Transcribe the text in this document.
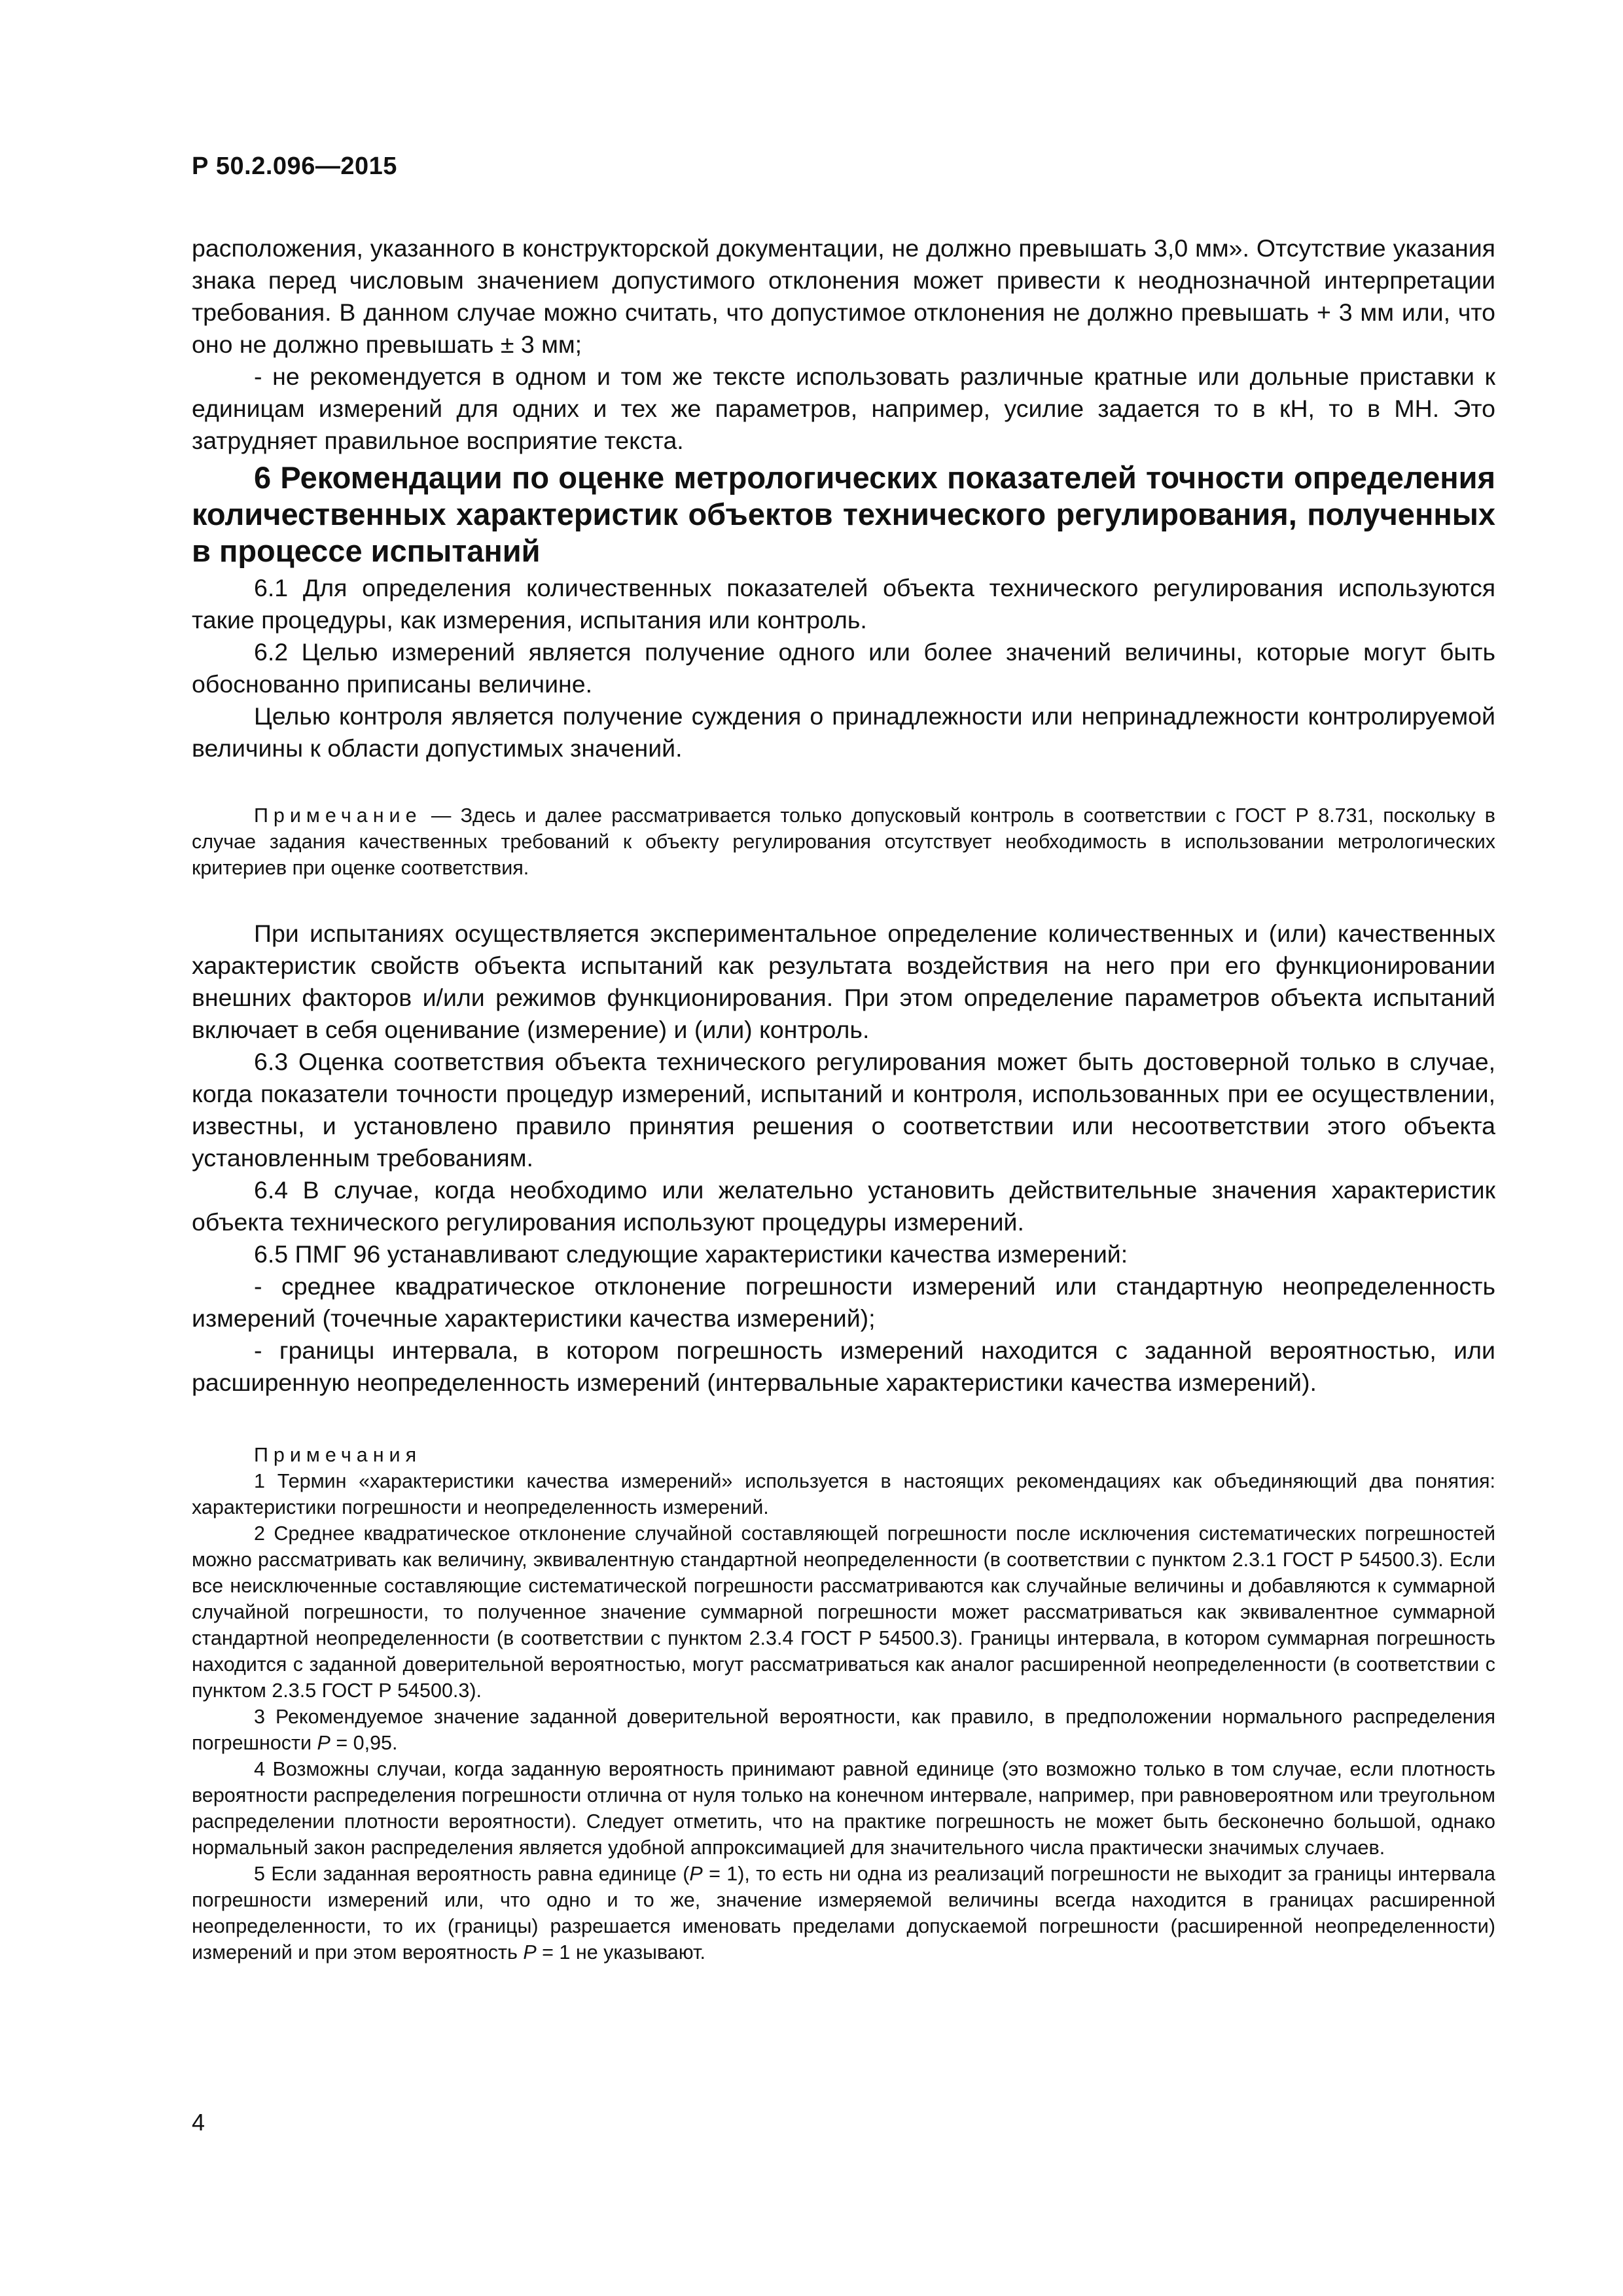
Р 50.2.096—2015

расположения, указанного в конструкторской документации, не должно превышать 3,0 мм». Отсутствие указания знака перед числовым значением допустимого отклонения может привести к неоднозначной интерпретации требования. В данном случае можно считать, что допустимое отклонения не должно превышать + 3 мм или, что оно не должно превышать ± 3 мм;

- не рекомендуется в одном и том же тексте использовать различные кратные или дольные приставки к единицам измерений для одних и тех же параметров, например, усилие задается то в кН, то в МН. Это затрудняет правильное восприятие текста.

6 Рекомендации по оценке метрологических показателей точности определения количественных характеристик объектов технического регулирования, полученных в процессе испытаний

6.1 Для определения количественных показателей объекта технического регулирования используются такие процедуры, как измерения, испытания или контроль.

6.2 Целью измерений является получение одного или более значений величины, которые могут быть обоснованно приписаны величине.

Целью контроля является получение суждения о принадлежности или непринадлежности контролируемой величины к области допустимых значений.

Примечание — Здесь и далее рассматривается только допусковый контроль в соответствии с ГОСТ Р 8.731, поскольку в случае задания качественных требований к объекту регулирования отсутствует необходимость в использовании метрологических критериев при оценке соответствия.

При испытаниях осуществляется экспериментальное определение количественных и (или) качественных характеристик свойств объекта испытаний как результата воздействия на него при его функционировании внешних факторов и/или режимов функционирования. При этом определение параметров объекта испытаний включает в себя оценивание (измерение) и (или) контроль.

6.3 Оценка соответствия объекта технического регулирования может быть достоверной только в случае, когда показатели точности процедур измерений, испытаний и контроля, использованных при ее осуществлении, известны, и установлено правило принятия решения о соответствии или несоответствии этого объекта установленным требованиям.

6.4 В случае, когда необходимо или желательно установить действительные значения характеристик объекта технического регулирования используют процедуры измерений.

6.5 ПМГ 96 устанавливают следующие характеристики качества измерений:

- среднее квадратическое отклонение погрешности измерений или стандартную неопределенность измерений (точечные характеристики качества измерений);

- границы интервала, в котором погрешность измерений находится с заданной вероятностью, или расширенную неопределенность измерений (интервальные характеристики качества измерений).

Примечания

1 Термин «характеристики качества измерений» используется в настоящих рекомендациях как объединяющий два понятия: характеристики погрешности и неопределенность измерений.

2 Среднее квадратическое отклонение случайной составляющей погрешности после исключения систематических погрешностей можно рассматривать как величину, эквивалентную стандартной неопределенности (в соответствии с пунктом 2.3.1 ГОСТ Р 54500.3). Если все неисключенные составляющие систематической погрешности рассматриваются как случайные величины и добавляются к суммарной случайной погрешности, то полученное значение суммарной погрешности может рассматриваться как эквивалентное суммарной стандартной неопределенности (в соответствии с пунктом 2.3.4 ГОСТ Р 54500.3). Границы интервала, в котором суммарная погрешность находится с заданной доверительной вероятностью, могут рассматриваться как аналог расширенной неопределенности (в соответствии с пунктом 2.3.5 ГОСТ Р 54500.3).

3 Рекомендуемое значение заданной доверительной вероятности, как правило, в предположении нормального распределения погрешности P = 0,95.

4 Возможны случаи, когда заданную вероятность принимают равной единице (это возможно только в том случае, если плотность вероятности распределения погрешности отлична от нуля только на конечном интервале, например, при равновероятном или треугольном распределении плотности вероятности). Следует отметить, что на практике погрешность не может быть бесконечно большой, однако нормальный закон распределения является удобной аппроксимацией для значительного числа практически значимых случаев.

5 Если заданная вероятность равна единице (P = 1), то есть ни одна из реализаций погрешности не выходит за границы интервала погрешности измерений или, что одно и то же, значение измеряемой величины всегда находится в границах расширенной неопределенности, то их (границы) разрешается именовать пределами допускаемой погрешности (расширенной неопределенности) измерений и при этом вероятность P = 1 не указывают.

4
